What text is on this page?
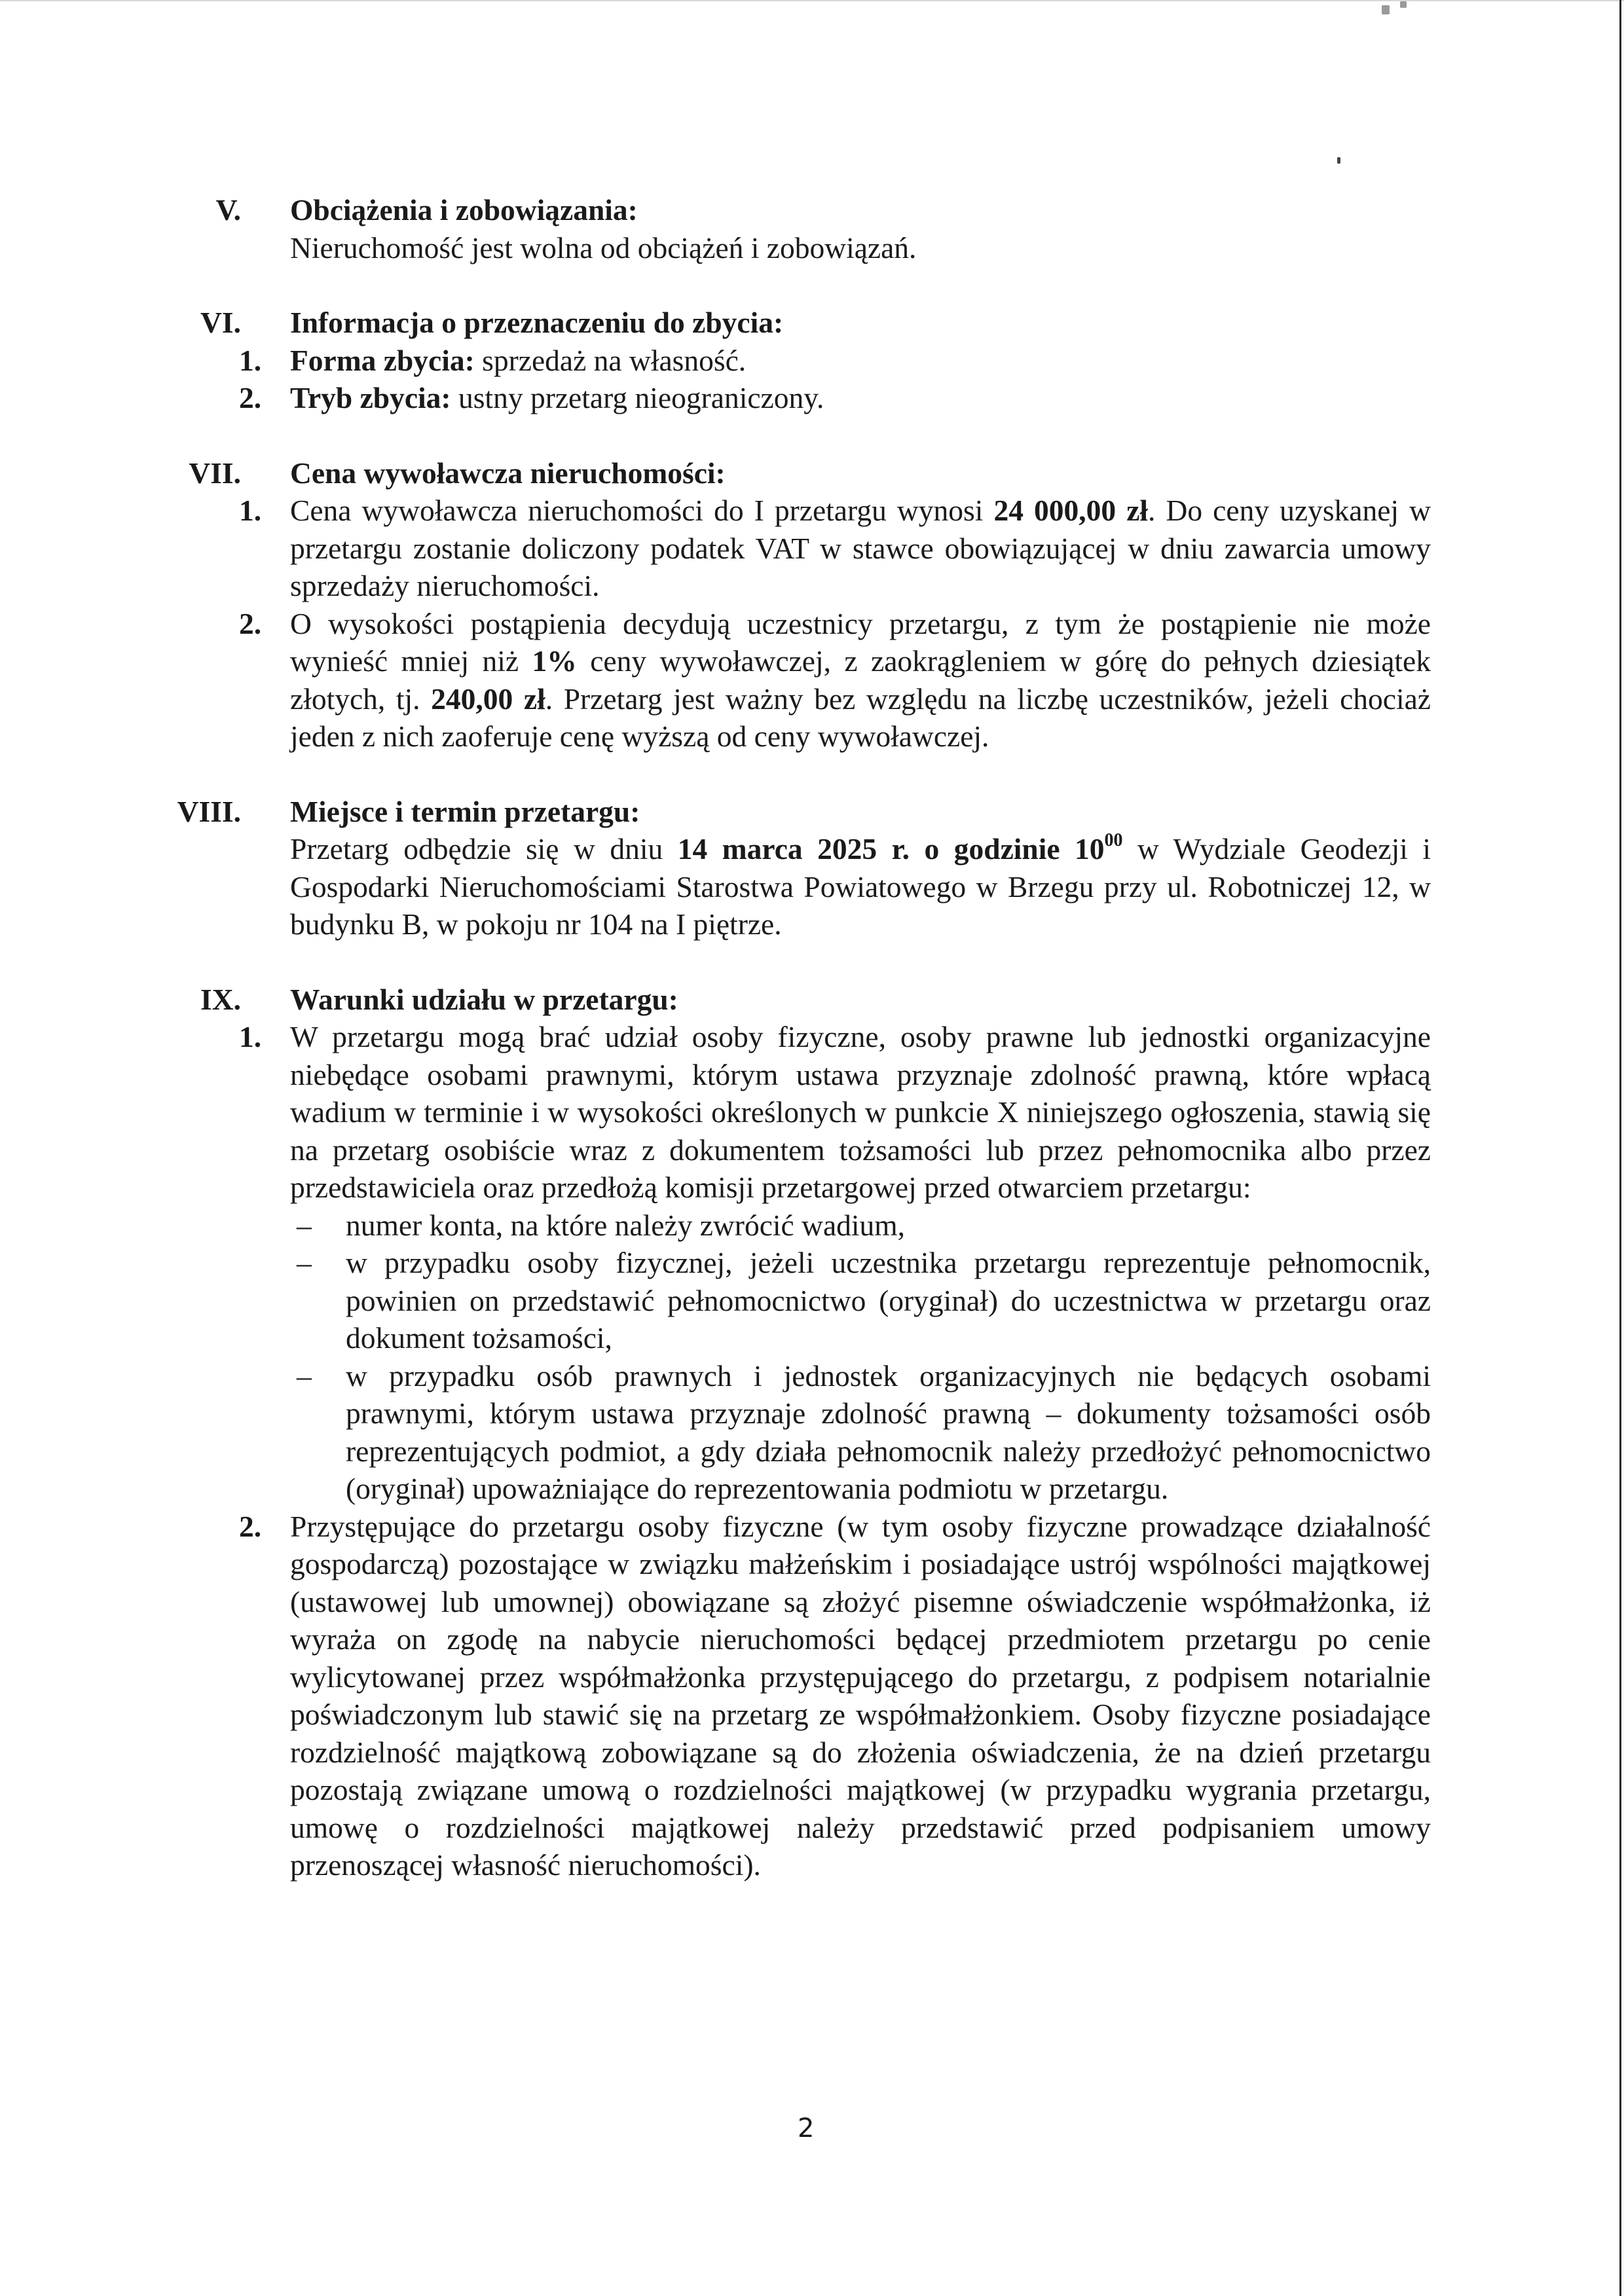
V. Obciążenia i zobowiązania:
Nieruchomość jest wolna od obciążeń i zobowiązań.
VI. Informacja o przeznaczeniu do zbycia:
1. Forma zbycia: sprzedaż na własność.
2. Tryb zbycia: ustny przetarg nieograniczony.
VII. Cena wywoławcza nieruchomości:
1. Cena wywoławcza nieruchomości do I przetargu wynosi 24 000,00 zł. Do ceny uzyskanej w przetargu zostanie doliczony podatek VAT w stawce obowiązującej w dniu zawarcia umowy sprzedaży nieruchomości.
2. O wysokości postąpienia decydują uczestnicy przetargu, z tym że postąpienie nie może wynieść mniej niż 1% ceny wywoławczej, z zaokrągleniem w górę do pełnych dziesiątek złotych, tj. 240,00 zł. Przetarg jest ważny bez względu na liczbę uczestników, jeżeli chociaż jeden z nich zaoferuje cenę wyższą od ceny wywoławczej.
VIII. Miejsce i termin przetargu:
Przetarg odbędzie się w dniu 14 marca 2025 r. o godzinie $10^{00}$ w Wydziale Geodezji i Gospodarki Nieruchomościami Starostwa Powiatowego w Brzegu przy ul. Robotniczej 12, w budynku B, w pokoju nr 104 na I piętrze.
IX. Warunki udziału w przetargu:
1. W przetargu mogą brać udział osoby fizyczne, osoby prawne lub jednostki organizacyjne niebędące osobami prawnymi, którym ustawa przyznaje zdolność prawną, które wpłacą wadium w terminie i w wysokości określonych w punkcie X niniejszego ogłoszenia, stawią się na przetarg osobiście wraz z dokumentem tożsamości lub przez pełnomocnika albo przez przedstawiciela oraz przedłożą komisji przetargowej przed otwarciem przetargu:
– numer konta, na które należy zwrócić wadium,
– w przypadku osoby fizycznej, jeżeli uczestnika przetargu reprezentuje pełnomocnik, powinien on przedstawić pełnomocnictwo (oryginał) do uczestnictwa w przetargu oraz dokument tożsamości,
– w przypadku osób prawnych i jednostek organizacyjnych nie będących osobami prawnymi, którym ustawa przyznaje zdolność prawną – dokumenty tożsamości osób reprezentujących podmiot, a gdy działa pełnomocnik należy przedłożyć pełnomocnictwo (oryginał) upoważniające do reprezentowania podmiotu w przetargu.
2. Przystępujące do przetargu osoby fizyczne (w tym osoby fizyczne prowadzące działalność gospodarczą) pozostające w związku małżeńskim i posiadające ustrój wspólności majątkowej (ustawowej lub umownej) obowiązane są złożyć pisemne oświadczenie współmałżonka, iż wyraża on zgodę na nabycie nieruchomości będącej przedmiotem przetargu po cenie wylicytowanej przez współmałżonka przystępującego do przetargu, z podpisem notarialnie poświadczonym lub stawić się na przetarg ze współmałżonkiem. Osoby fizyczne posiadające rozdzielność majątkową zobowiązane są do złożenia oświadczenia, że na dzień przetargu pozostają związane umową o rozdzielności majątkowej (w przypadku wygrania przetargu, umowę o rozdzielności majątkowej należy przedstawić przed podpisaniem umowy przenoszącej własność nieruchomości).
2
